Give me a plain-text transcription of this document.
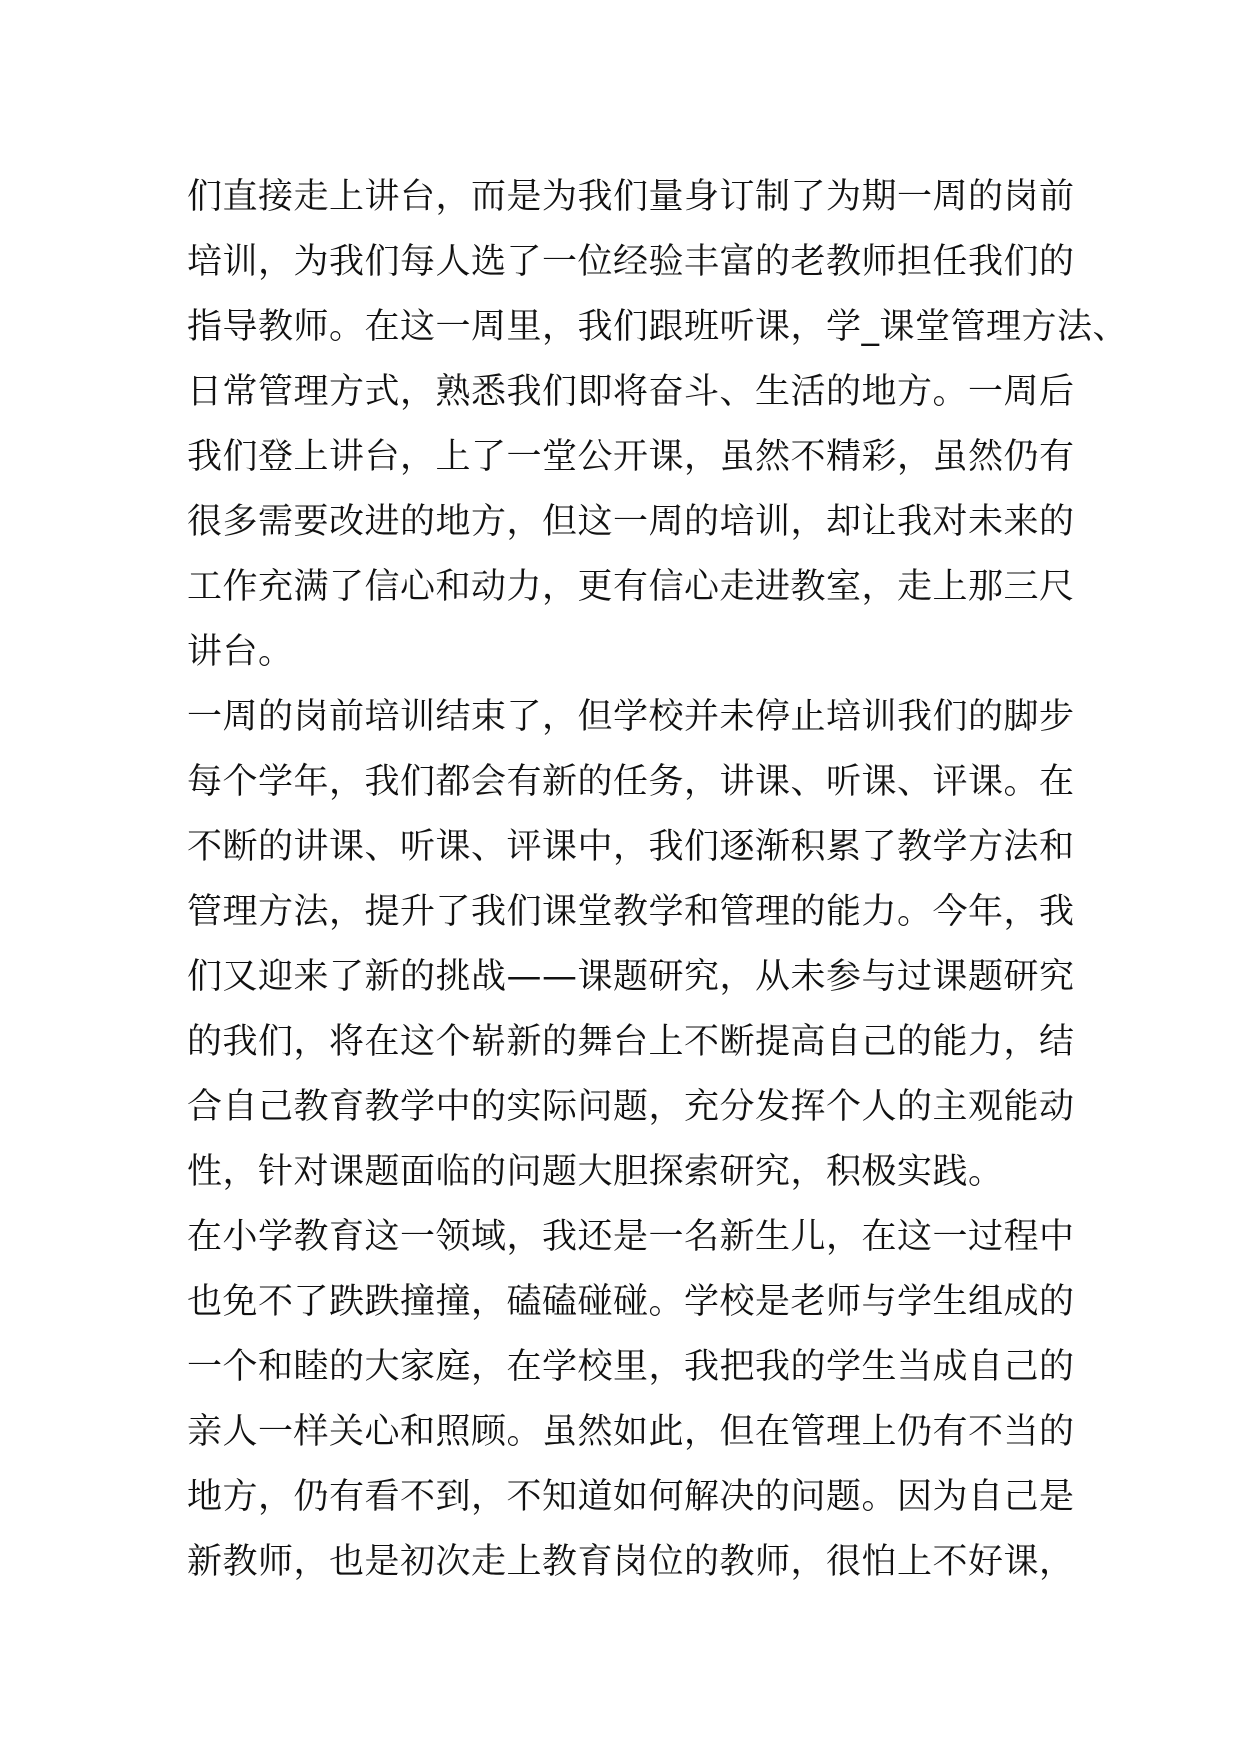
们直接走上讲台，而是为我们量身订制了为期一周的岗前
培训，为我们每人选了一位经验丰富的老教师担任我们的
指导教师。在这一周里，我们跟班听课，学_课堂管理方法、
日常管理方式，熟悉我们即将奋斗、生活的地方。一周后
我们登上讲台，上了一堂公开课，虽然不精彩，虽然仍有
很多需要改进的地方，但这一周的培训，却让我对未来的
工作充满了信心和动力，更有信心走进教室，走上那三尺
讲台。
一周的岗前培训结束了，但学校并未停止培训我们的脚步
每个学年，我们都会有新的任务，讲课、听课、评课。在
不断的讲课、听课、评课中，我们逐渐积累了教学方法和
管理方法，提升了我们课堂教学和管理的能力。今年，我
们又迎来了新的挑战——课题研究，从未参与过课题研究
的我们，将在这个崭新的舞台上不断提高自己的能力，结
合自己教育教学中的实际问题，充分发挥个人的主观能动
性，针对课题面临的问题大胆探索研究，积极实践。
在小学教育这一领域，我还是一名新生儿，在这一过程中
也免不了跌跌撞撞，磕磕碰碰。学校是老师与学生组成的
一个和睦的大家庭，在学校里，我把我的学生当成自己的
亲人一样关心和照顾。虽然如此，但在管理上仍有不当的
地方，仍有看不到，不知道如何解决的问题。因为自己是
新教师，也是初次走上教育岗位的教师，很怕上不好课，
